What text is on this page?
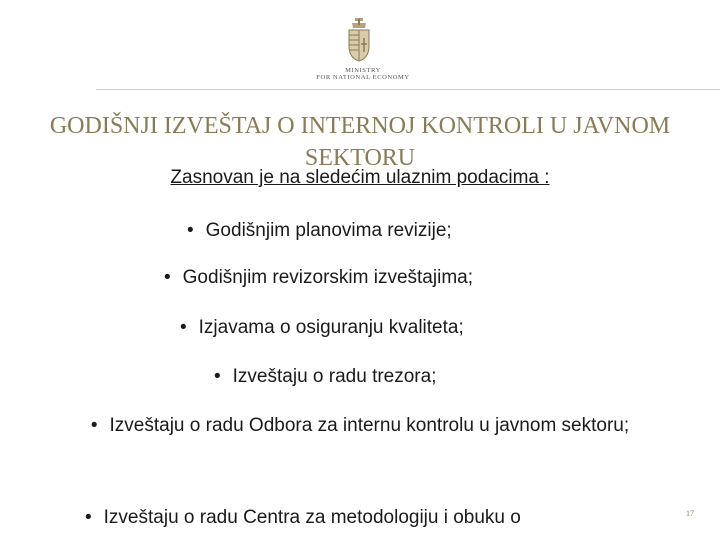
MINISTRY
FOR NATIONAL ECONOMY
GODIŠNJI IZVEŠTAJ O INTERNOJ KONTROLI U JAVNOM SEKTORU
Zasnovan je na sledećim ulaznim podacima :
• Godišnjim planovima revizije;
• Godišnjim revizorskim izveštajima;
• Izjavama o osiguranju kvaliteta;
• Izveštaju o radu trezora;
• Izveštaju o radu Odbora za internu kontrolu u javnom sektoru;
• Izveštaju o radu Centra za metodologiju i obuku o	17
